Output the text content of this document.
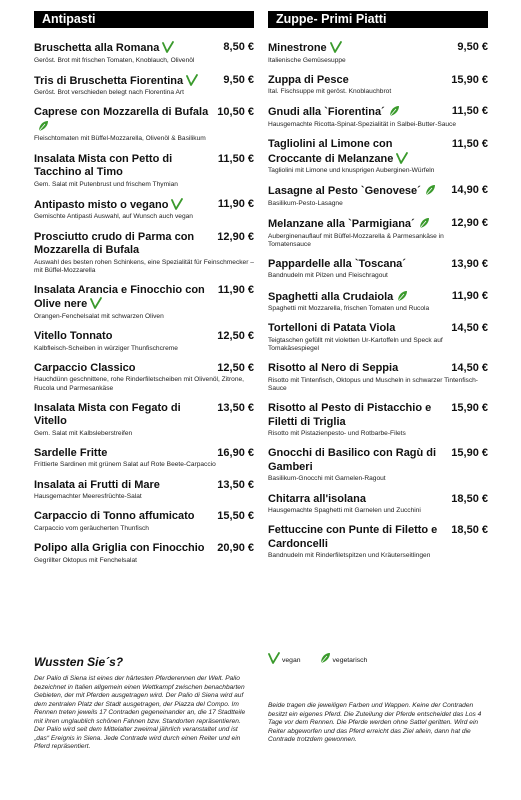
Antipasti
Bruschetta alla Romana	8,50 €
Geröst. Brot mit frischen Tomaten, Knoblauch, Olivenöl
Tris di Bruschetta Fiorentina	9,50 €
Geröst. Brot verschieden belegt nach Florentina Art
Caprese con Mozzarella di Bufala 10,50 €
Fleischtomaten mit Büffel-Mozzarella, Olivenöl & Basilikum
Insalata Mista con Petto di Tacchino al Timo
11,50 €
Gem. Salat mit Putenbrust und frischem Thymian
Antipasto misto o vegano	11,90 €
Gemischte Antipasti Auswahl, auf Wunsch auch vegan
Prosciutto crudo di Parma con Mozzarella di Bufala
12,90 €
Auswahl des besten rohen Schinkens, eine Spezialität für Feinschmecker – mit Büffel-Mozzarella
Insalata Arancia e Finocchio con Olive nere
11,90 €
Orangen-Fenchelsalat mit schwarzen Oliven
Vitello Tonnato	12,50 €
Kalbfleisch-Scheiben in würziger Thunfischcreme
Carpaccio Classico	12,50 €
Hauchdünn geschnittene, rohe Rinderfiletscheiben mit Olivenöl, Zitrone, Rucola und Parmesankäse
Insalata Mista con Fegato di Vitello
13,50 €
Gem. Salat mit Kalbsleberstreifen
Sardelle Fritte	16,90 €
Frittierte Sardinen mit grünem Salat auf Rote Beete-Carpaccio
Insalata ai Frutti di Mare	13,50 €
Hausgemachter Meeresfrüchte-Salat
Carpaccio di Tonno affumicato	15,50 €
Carpaccio vom geräucherten Thunfisch
Polipo alla Griglia con Finocchio	20,90 €
Gegrillter Oktopus mit Fenchelsalat
Zuppe- Primi Piatti
Minestrone	9,50 €
Italienische Gemüsesuppe
Zuppa di Pesce	15,90 €
Ital. Fischsuppe mit geröst. Knoblauchbrot
Gnudi alla `Fiorentina´	11,50 €
Hausgemachte Ricotta-Spinat-Spezialität in Salbei-Butter-Sauce
Tagliolini al Limone con Croccante di Melanzane
11,50 €
Tagliolini mit Limone und knusprigen Auberginen-Würfeln
Lasagne al Pesto `Genovese´	14,90 €
Basilikum-Pesto-Lasagne
Melanzane alla `Parmigiana´	12,90 €
Auberginenauflauf mit Büffel-Mozzarella & Parmesankäse in Tomatensauce
Pappardelle alla `Toscana´	13,90 €
Bandnudeln mit Pilzen und Fleischragout
Spaghetti alla Crudaiola	11,90 €
Spaghetti mit Mozzarella, frischen Tomaten und Rucola
Tortelloni di Patata Viola	14,50 €
Teigtaschen gefüllt mit violetten Ur-Kartoffeln und Speck auf Tomakäsespiegel
Risotto al Nero di Seppia	14,50 €
Risotto mit Tintenfisch, Oktopus und Muscheln in schwarzer Tintenfisch-Sauce
Risotto al Pesto di Pistacchio e Filetti di Triglia
15,90 €
Risotto mit Pistazienpesto- und Rotbarbe-Filets
Gnocchi di Basilico con Ragù di Gamberi
15,90 €
Basilikum-Gnocchi mit Garnelen-Ragout
Chitarra all'isolana	18,50 €
Hausgemachte Spaghetti mit Garnelen und Zucchini
Fettuccine con Punte di Filetto e Cardoncelli
18,50 €
Bandnudeln mit Rinderfiletspitzen und Kräuterseitlingen
Wussten Sie´s?
Der Palio di Siena ist eines der härtesten Pferderennen der Welt. Palio bezeichnet in Italien allgemein einen Wettkampf zwischen benachbarten Gebieten, der mit Pferden ausgetragen wird. Der Palio di Siena wird auf dem zentralen Platz der Stadt ausgetragen, der Piazza del Compo. Im Rennen treten jeweils 17 Contraden gegeneinander an, die 17 Stadtteile mit ihren unglaublich schönen Fahnen bzw. Standorten repräsentieren. Der Palio wird seit dem Mittelalter zweimal jährlich veranstaltet und ist „das“ Ereignis in Siena. Jede Contrade wird durch einen Reiter und ein Pferd repräsentiert.
vegan	vegetarisch
Beide tragen die jeweiligen Farben und Wappen. Keine der Contraden besitzt ein eigenes Pferd. Die Zuteilung der Pferde entscheidet das Los 4 Tage vor dem Rennen. Die Pferde werden ohne Sattel geritten. Wird ein Reiter abgeworfen und das Pferd erreicht das Ziel allein, dann hat die Contrade trotzdem gewonnen.
